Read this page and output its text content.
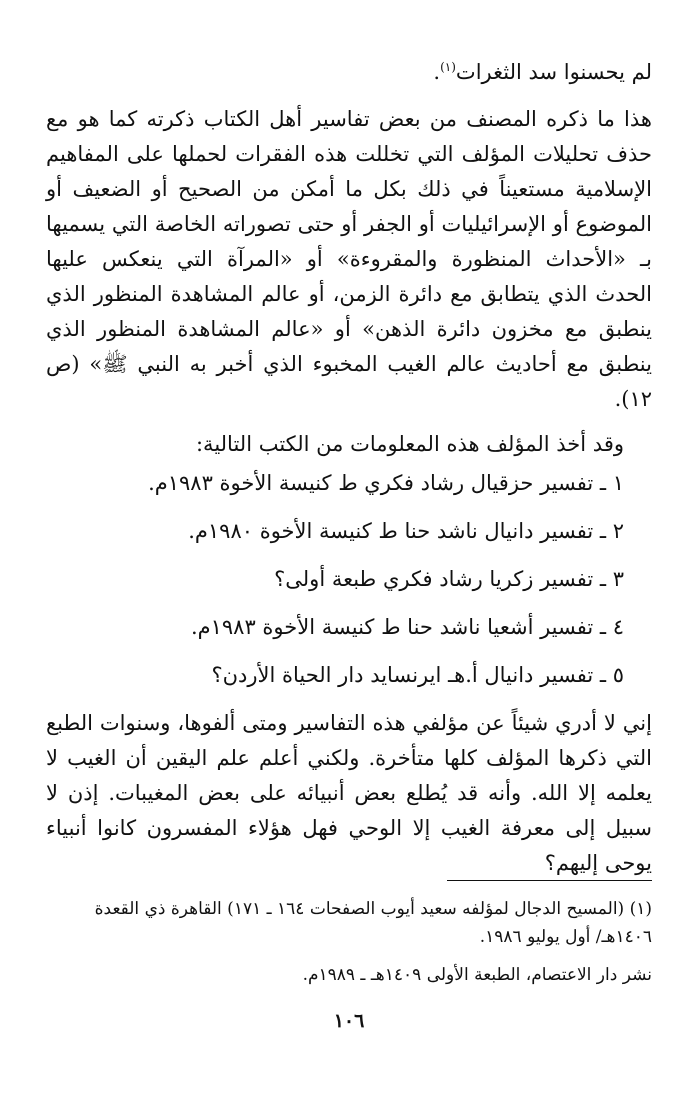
لم يحسنوا سد الثغرات$^{(١)}$.

هذا ما ذكره المصنف من بعض تفاسير أهل الكتاب ذكرته كما هو مع حذف تحليلات المؤلف التي تخللت هذه الفقرات لحملها على المفاهيم الإسلامية مستعيناً في ذلك بكل ما أمكن من الصحيح أو الضعيف أو الموضوع أو الإسرائيليات أو الجفر أو حتى تصوراته الخاصة التي يسميها بـ «الأحداث المنظورة والمقروءة» أو «المرآة التي ينعكس عليها الحدث الذي يتطابق مع دائرة الزمن، أو عالم المشاهدة المنظور الذي ينطبق مع مخزون دائرة الذهن» أو «عالم المشاهدة المنظور الذي ينطبق مع أحاديث عالم الغيب المخبوء الذي أخبر به النبي ﷺ» (ص ١٢).

وقد أخذ المؤلف هذه المعلومات من الكتب التالية:
١ ـ تفسير حزقيال رشاد فكري ط كنيسة الأخوة ١٩٨٣م.
٢ ـ تفسير دانيال ناشد حنا ط كنيسة الأخوة ١٩٨٠م.
٣ ـ تفسير زكريا رشاد فكري طبعة أولى؟
٤ ـ تفسير أشعيا ناشد حنا ط كنيسة الأخوة ١٩٨٣م.
٥ ـ تفسير دانيال أ.هـ ايرنسايد دار الحياة الأردن؟

إني لا أدري شيئاً عن مؤلفي هذه التفاسير ومتى ألفوها، وسنوات الطبع التي ذكرها المؤلف كلها متأخرة. ولكني أعلم علم اليقين أن الغيب لا يعلمه إلا الله. وأنه قد يُطلع بعض أنبيائه على بعض المغيبات. إذن لا سبيل إلى معرفة الغيب إلا الوحي فهل هؤلاء المفسرون كانوا أنبياء يوحى إليهم؟

(١) (المسيح الدجال لمؤلفه سعيد أيوب الصفحات ١٦٤ ـ ١٧١) القاهرة ذي القعدة ١٤٠٦هـ/ أول يوليو ١٩٨٦.
نشر دار الاعتصام، الطبعة الأولى ١٤٠٩هـ ـ ١٩٨٩م.
١٠٦
